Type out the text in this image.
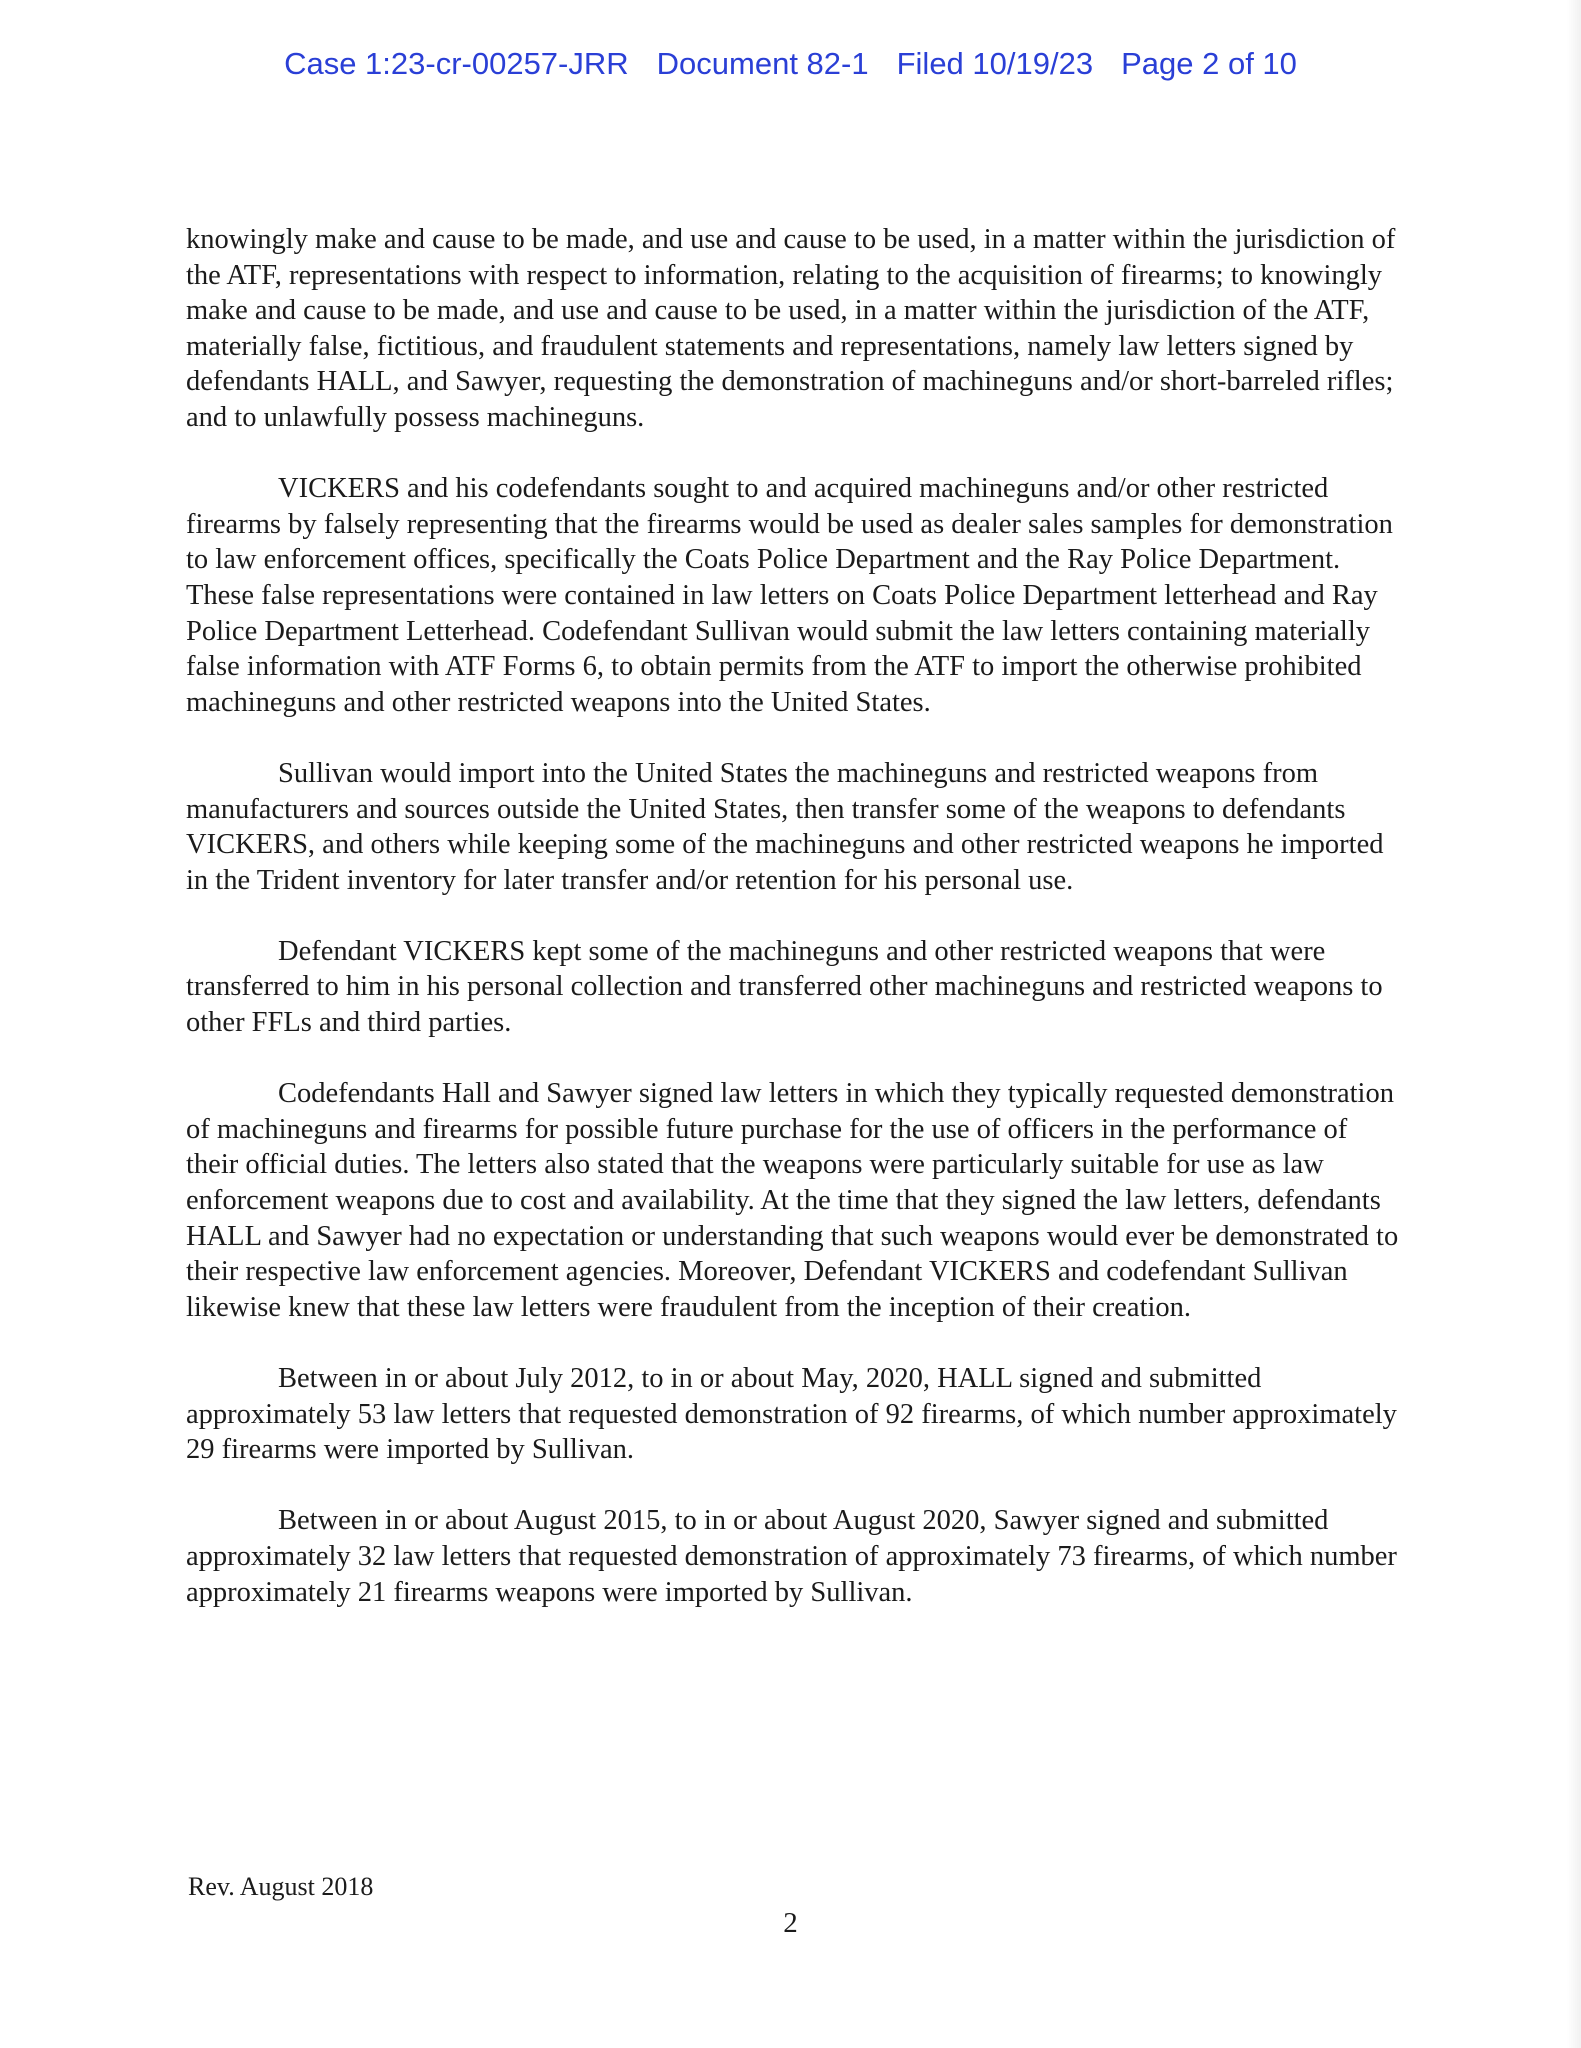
Case 1:23-cr-00257-JRR Document 82-1 Filed 10/19/23 Page 2 of 10

knowingly make and cause to be made, and use and cause to be used, in a matter within the jurisdiction of the ATF, representations with respect to information, relating to the acquisition of firearms; to knowingly make and cause to be made, and use and cause to be used, in a matter within the jurisdiction of the ATF, materially false, fictitious, and fraudulent statements and representations, namely law letters signed by defendants HALL, and Sawyer, requesting the demonstration of machineguns and/or short-barreled rifles; and to unlawfully possess machineguns.

VICKERS and his codefendants sought to and acquired machineguns and/or other restricted firearms by falsely representing that the firearms would be used as dealer sales samples for demonstration to law enforcement offices, specifically the Coats Police Department and the Ray Police Department. These false representations were contained in law letters on Coats Police Department letterhead and Ray Police Department Letterhead. Codefendant Sullivan would submit the law letters containing materially false information with ATF Forms 6, to obtain permits from the ATF to import the otherwise prohibited machineguns and other restricted weapons into the United States.

Sullivan would import into the United States the machineguns and restricted weapons from manufacturers and sources outside the United States, then transfer some of the weapons to defendants VICKERS, and others while keeping some of the machineguns and other restricted weapons he imported in the Trident inventory for later transfer and/or retention for his personal use.

Defendant VICKERS kept some of the machineguns and other restricted weapons that were transferred to him in his personal collection and transferred other machineguns and restricted weapons to other FFLs and third parties.

Codefendants Hall and Sawyer signed law letters in which they typically requested demonstration of machineguns and firearms for possible future purchase for the use of officers in the performance of their official duties. The letters also stated that the weapons were particularly suitable for use as law enforcement weapons due to cost and availability. At the time that they signed the law letters, defendants HALL and Sawyer had no expectation or understanding that such weapons would ever be demonstrated to their respective law enforcement agencies. Moreover, Defendant VICKERS and codefendant Sullivan likewise knew that these law letters were fraudulent from the inception of their creation.

Between in or about July 2012, to in or about May, 2020, HALL signed and submitted approximately 53 law letters that requested demonstration of 92 firearms, of which number approximately 29 firearms were imported by Sullivan.

Between in or about August 2015, to in or about August 2020, Sawyer signed and submitted approximately 32 law letters that requested demonstration of approximately 73 firearms, of which number approximately 21 firearms weapons were imported by Sullivan.

Rev. August 2018
2
